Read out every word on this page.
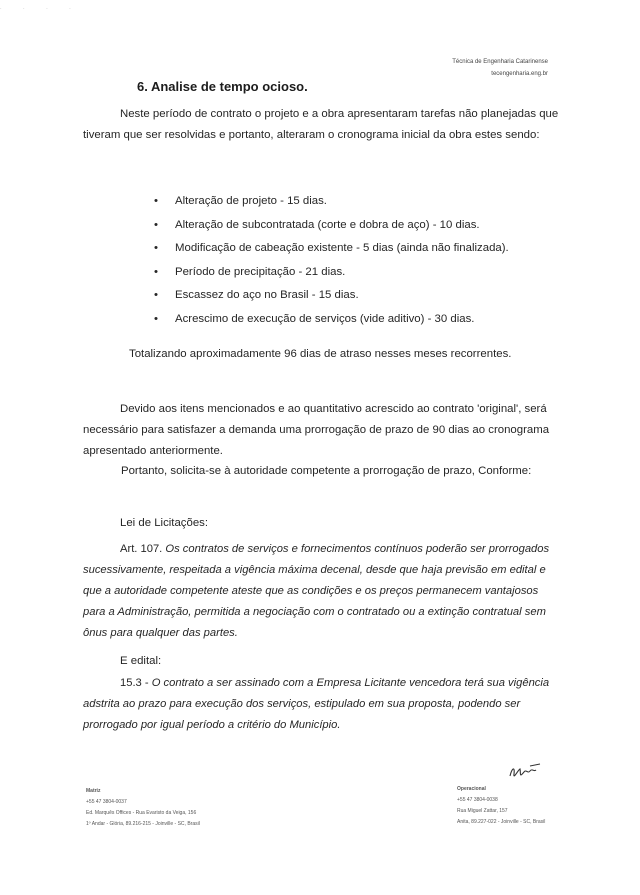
· · · ·
Técnica de Engenharia Catarinense
tecengenharia.eng.br
6. Analise de tempo ocioso.
Neste período de contrato o projeto e a obra apresentaram tarefas não planejadas que tiveram que ser resolvidas e portanto, alteraram o cronograma inicial da obra estes sendo:
• Alteração de projeto - 15 dias.
• Alteração de subcontratada (corte e dobra de aço) - 10 dias.
• Modificação de cabeação existente - 5 dias (ainda não finalizada).
• Período de precipitação - 21 dias.
• Escassez do aço no Brasil - 15 dias.
• Acrescimo de execução de serviços (vide aditivo) - 30 dias.
Totalizando aproximadamente 96 dias de atraso nesses meses recorrentes.
Devido aos itens mencionados e ao quantitativo acrescido ao contrato 'original', será necessário para satisfazer a demanda uma prorrogação de prazo de 90 dias ao cronograma apresentado anteriormente.
Portanto, solicita-se à autoridade competente a prorrogação de prazo, Conforme:
Lei de Licitações:
Art. 107. Os contratos de serviços e fornecimentos contínuos poderão ser prorrogados sucessivamente, respeitada a vigência máxima decenal, desde que haja previsão em edital e que a autoridade competente ateste que as condições e os preços permanecem vantajosos para a Administração, permitida a negociação com o contratado ou a extinção contratual sem ônus para qualquer das partes.
E edital:
15.3 - O contrato a ser assinado com a Empresa Licitante vencedora terá sua vigência adstrita ao prazo para execução dos serviços, estipulado em sua proposta, podendo ser prorrogado por igual período a critério do Município.
Matriz
+55 47 3804-0037
Ed. Marquês Offices - Rua Evaristo da Veiga, 156
1º Andar - Glória, 89.216-215 - Joinville - SC, Brasil
Operacional
+55 47 3804-0038
Rua Miguel Zattar, 157
Anita, 89.227-022 - Joinville - SC, Brasil
